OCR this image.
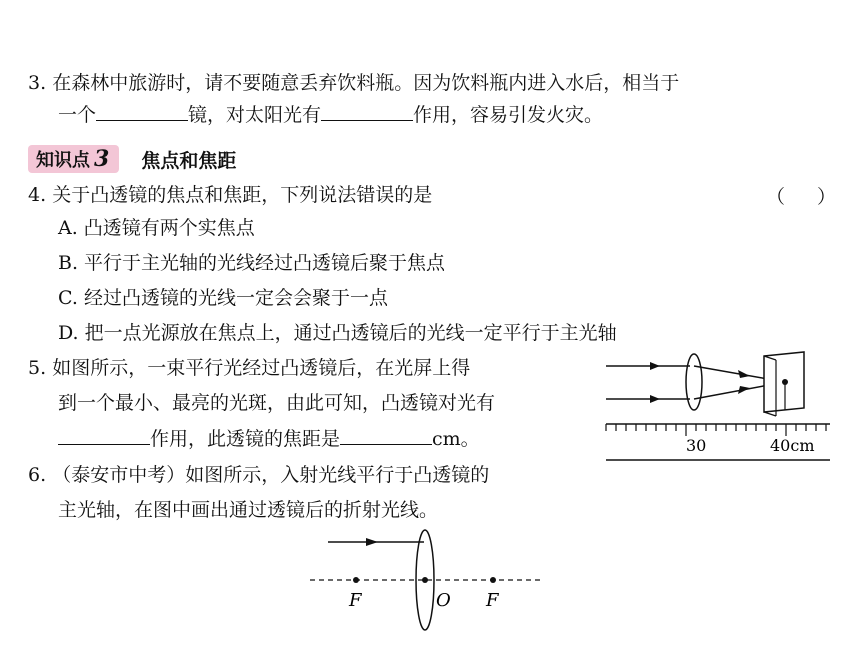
3. 在森林中旅游时，请不要随意丢弃饮料瓶。因为饮料瓶内进入水后，相当于
一个	镜，对太阳光有	作用，容易引发火灾。
知识点 3 焦点和焦距
4. 关于凸透镜的焦点和焦距，下列说法错误的是	（ ）
A. 凸透镜有两个实焦点
B. 平行于主光轴的光线经过凸透镜后聚于焦点
C. 经过凸透镜的光线一定会会聚于一点
D. 把一点光源放在焦点上，通过凸透镜后的光线一定平行于主光轴
5. 如图所示，一束平行光经过凸透镜后，在光屏上得
到一个最小、最亮的光斑，由此可知，凸透镜对光有
作用，此透镜的焦距是	cm。	30	40cm
6. （泰安市中考）如图所示，入射光线平行于凸透镜的
主光轴，在图中画出通过透镜后的折射光线。
F	O F
